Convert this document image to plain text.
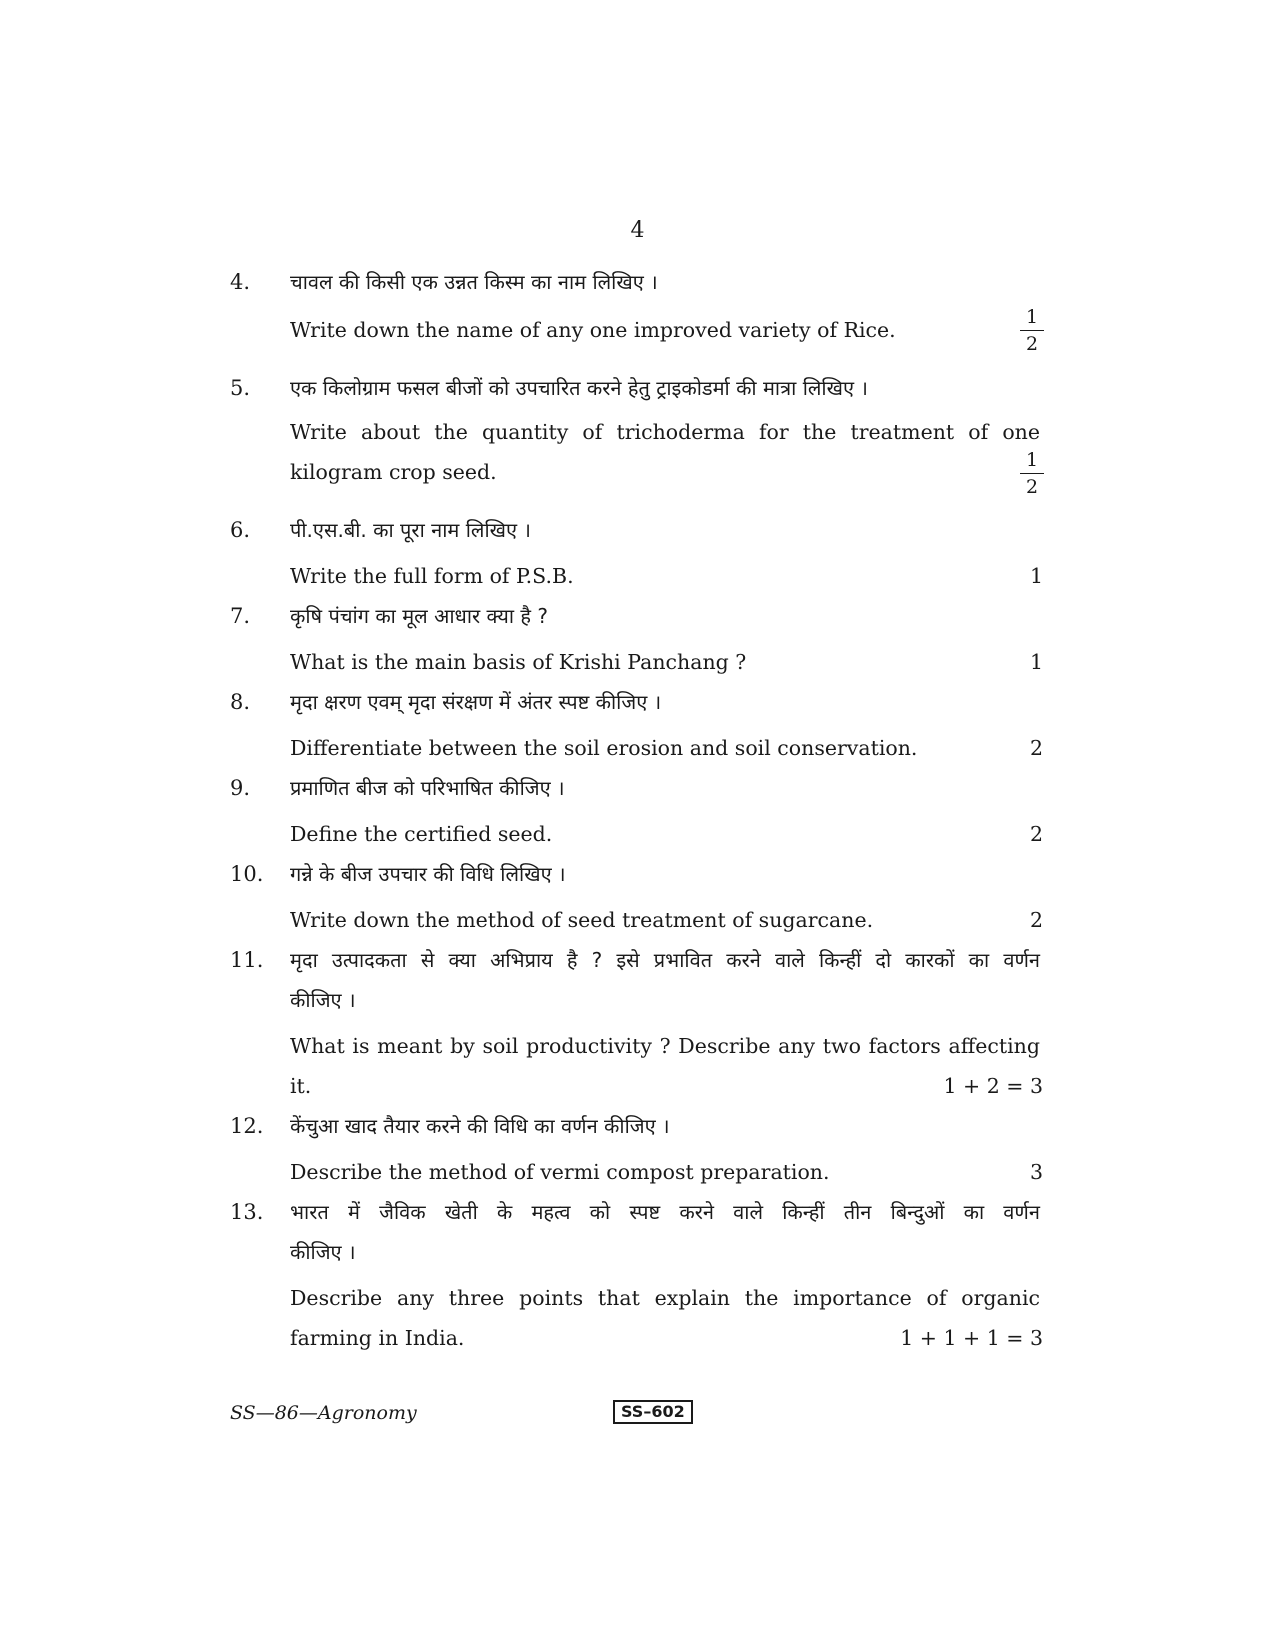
4
4. चावल की किसी एक उन्नत किस्म का नाम लिखिए ।
Write down the name of any one improved variety of Rice.
1
2
5. एक किलोग्राम फसल बीजों को उपचारित करने हेतु ट्राइकोडर्मा की मात्रा लिखिए ।
Write about the quantity of trichoderma for the treatment of one
kilogram crop seed.	1
2
6. पी.एस.बी. का पूरा नाम लिखिए ।
Write the full form of P.S.B.	1
7. कृषि पंचांग का मूल आधार क्या है ?
What is the main basis of Krishi Panchang ?	1
8. मृदा क्षरण एवम् मृदा संरक्षण में अंतर स्पष्ट कीजिए ।
Differentiate between the soil erosion and soil conservation.	2
9. प्रमाणित बीज को परिभाषित कीजिए ।
Define the certified seed.	2
10. गन्ने के बीज उपचार की विधि लिखिए ।
Write down the method of seed treatment of sugarcane.	2
11. मृदा उत्पादकता से क्या अभिप्राय है ? इसे प्रभावित करने वाले किन्हीं दो कारकों का वर्णन
कीजिए ।
What is meant by soil productivity ? Describe any two factors affecting
it.	1 + 2 = 3
12. केंचुआ खाद तैयार करने की विधि का वर्णन कीजिए ।
Describe the method of vermi compost preparation.	3
13. भारत में जैविक खेती के महत्व को स्पष्ट करने वाले किन्हीं तीन बिन्दुओं का वर्णन
कीजिए ।
Describe any three points that explain the importance of organic
farming in India.	1 + 1 + 1 = 3
SS—86—Agronomy	SS–602
